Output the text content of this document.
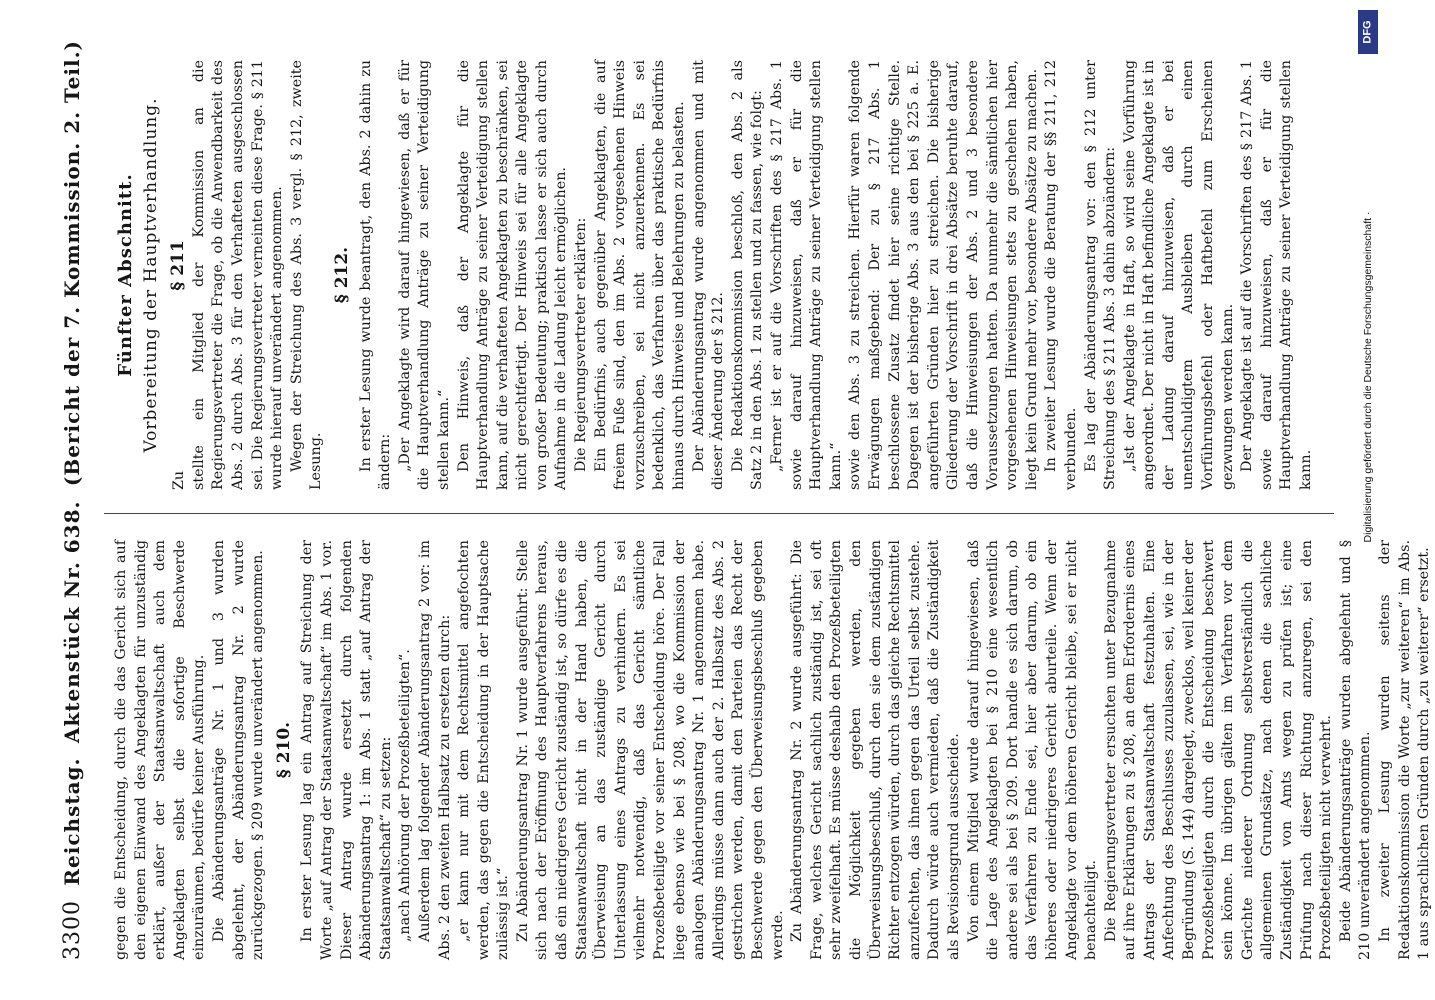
3300
Reichstag.
Aktenstück Nr. 638.
(Bericht der 7. Kommission. 2. Teil.)

gegen die Entscheidung, durch die das Gericht sich auf den eigenen Einwand des Angeklagten für unzuständig erklärt, außer der Staatsanwaltschaft auch dem Angeklagten selbst die sofortige Beschwerde einzuräumen, bedürfe keiner Ausführung. Die Abänderungsanträge Nr. 1 und 3 wurden abgelehnt, der Abänderungsantrag Nr. 2 wurde zurückgezogen. § 209 wurde unverändert angenommen. § 210. In erster Lesung lag ein Antrag auf Streichung der Worte „auf Antrag der Staatsanwaltschaft“ im Abs. 1 vor. Dieser Antrag wurde ersetzt durch folgenden Abänderungsantrag 1: im Abs. 1 statt „auf Antrag der Staatsanwaltschaft“ zu setzen: „nach Anhörung der Prozeßbeteiligten“. Außerdem lag folgender Abänderungsantrag 2 vor: im Abs. 2 den zweiten Halbsatz zu ersetzen durch: „er kann nur mit dem Rechtsmittel angefochten werden, das gegen die Entscheidung in der Hauptsache zulässig ist.“ Zu Abänderungsantrag Nr. 1 wurde ausgeführt: Stelle sich nach der Eröffnung des Hauptverfahrens heraus, daß ein niedrigeres Gericht zuständig ist, so dürfe es die Staatsanwaltschaft nicht in der Hand haben, die Überweisung an das zuständige Gericht durch Unterlassung eines Antrags zu verhindern. Es sei vielmehr notwendig, daß das Gericht sämtliche Prozeßbeteiligte vor seiner Entscheidung höre. Der Fall liege ebenso wie bei § 208, wo die Kommission der analogen Abänderungsantrag Nr. 1 angenommen habe. Allerdings müsse dann auch der 2. Halbsatz des Abs. 2 gestrichen werden, damit den Parteien das Recht der Beschwerde gegen den Überweisungsbeschluß gegeben werde. Zu Abänderungsantrag Nr. 2 wurde ausgeführt: Die Frage, welches Gericht sachlich zuständig ist, sei oft sehr zweifelhaft. Es müsse deshalb den Prozeßbeteiligten die Möglichkeit gegeben werden, den Überweisungsbeschluß, durch den sie dem zuständigen Richter entzogen würden, durch das gleiche Rechtsmittel anzufechten, das ihnen gegen das Urteil selbst zustehe. Dadurch würde auch vermieden, daß die Zuständigkeit als Revisionsgrund ausscheide. Von einem Mitglied wurde darauf hingewiesen, daß die Lage des Angeklagten bei § 210 eine wesentlich andere sei als bei § 209. Dort handle es sich darum, ob das Verfahren zu Ende sei, hier aber darum, ob ein höheres oder niedrigeres Gericht aburteile. Wenn der Angeklagte vor dem höheren Gericht bleibe, sei er nicht benachteiligt. Die Regierungsvertreter ersuchten unter Bezugnahme auf ihre Erklärungen zu § 208, an dem Erfordernis eines Antrags der Staatsanwaltschaft festzuhalten. Eine Anfechtung des Beschlusses zuzulassen, sei, wie in der Begründung (S. 144) dargelegt, zwecklos, weil keiner der Prozeßbeteiligten durch die Entscheidung beschwert sein könne. Im übrigen gälten im Verfahren vor dem Gerichte niederer Ordnung selbstverständlich die allgemeinen Grundsätze, nach denen die sachliche Zuständigkeit von Amts wegen zu prüfen ist; eine Prüfung nach dieser Richtung anzuregen, sei den Prozeßbeteiligten nicht verwehrt. Beide Abänderungsanträge wurden abgelehnt und § 210 unverändert angenommen. In zweiter Lesung wurden seitens der Redaktionskommission die Worte „zur weiteren“ im Abs. 1 aus sprachlichen Gründen durch „zu weiterer“ ersetzt.

Fünfter Abschnitt. Vorbereitung der Hauptverhandlung.
Zu
§ 211 stellte ein Mitglied der Kommission an die Regierungsvertreter die Frage, ob die Anwendbarkeit des Abs. 2 durch Abs. 3 für den Verhafteten ausgeschlossen sei. Die Regierungsvertreter verneinten diese Frage. § 211 wurde hierauf unverändert angenommen. Wegen der Streichung des Abs. 3 vergl. § 212, zweite Lesung.

§ 212. In erster Lesung wurde beantragt, den Abs. 2 dahin zu ändern: „Der Angeklagte wird darauf hingewiesen, daß er für die Hauptverhandlung Anträge zu seiner Verteidigung stellen kann.“ Den Hinweis, daß der Angeklagte für die Hauptverhandlung Anträge zu seiner Verteidigung stellen kann, auf die verhafteten Angeklagten zu beschränken, sei nicht gerechtfertigt. Der Hinweis sei für alle Angeklagte von großer Bedeutung; praktisch lasse er sich auch durch Aufnahme in die Ladung leicht ermöglichen. Die Regierungsvertreter erklärten: Ein Bedürfnis, auch gegenüber Angeklagten, die auf freiem Fuße sind, den im Abs. 2 vorgesehenen Hinweis vorzuschreiben, sei nicht anzuerkennen. Es sei bedenklich, das Verfahren über das praktische Bedürfnis hinaus durch Hinweise und Belehrungen zu belasten. Der Abänderungsantrag wurde angenommen und mit dieser Änderung der § 212. Die Redaktionskommission beschloß, den Abs. 2 als Satz 2 in den Abs. 1 zu stellen und zu fassen, wie folgt: „Ferner ist er auf die Vorschriften des § 217 Abs. 1 sowie darauf hinzuweisen, daß er für die Hauptverhandlung Anträge zu seiner Verteidigung stellen kann.“ sowie den Abs. 3 zu streichen. Hierfür waren folgende Erwägungen maßgebend: Der zu § 217 Abs. 1 beschlossene Zusatz findet hier seine richtige Stelle. Dagegen ist der bisherige Abs. 3 aus den bei § 225 a. E. angeführten Gründen hier zu streichen. Die bisherige Gliederung der Vorschrift in drei Absätze beruhte darauf, daß die Hinweisungen der Abs. 2 und 3 besondere Voraussetzungen hatten. Da nunmehr die sämtlichen hier vorgesehenen Hinweisungen stets zu geschehen haben, liegt kein Grund mehr vor, besondere Absätze zu machen. In zweiter Lesung wurde die Beratung der §§ 211, 212 verbunden. Es lag der Abänderungsantrag vor: den § 212 unter Streichung des § 211 Abs. 3 dahin abzuändern: „Ist der Angeklagte in Haft, so wird seine Vorführung angeordnet. Der nicht in Haft befindliche Angeklagte ist in der Ladung darauf hinzuweisen, daß er bei unentschuldigtem Ausbleiben durch einen Vorführungsbefehl oder Haftbefehl zum Erscheinen gezwungen werden kann. Der Angeklagte ist auf die Vorschriften des § 217 Abs. 1 sowie darauf hinzuweisen, daß er für die Hauptverhandlung Anträge zu seiner Verteidigung stellen kann.

DFG
Digitalisierung gefördert durch die Deutsche Forschungsgemeinschaft ·
